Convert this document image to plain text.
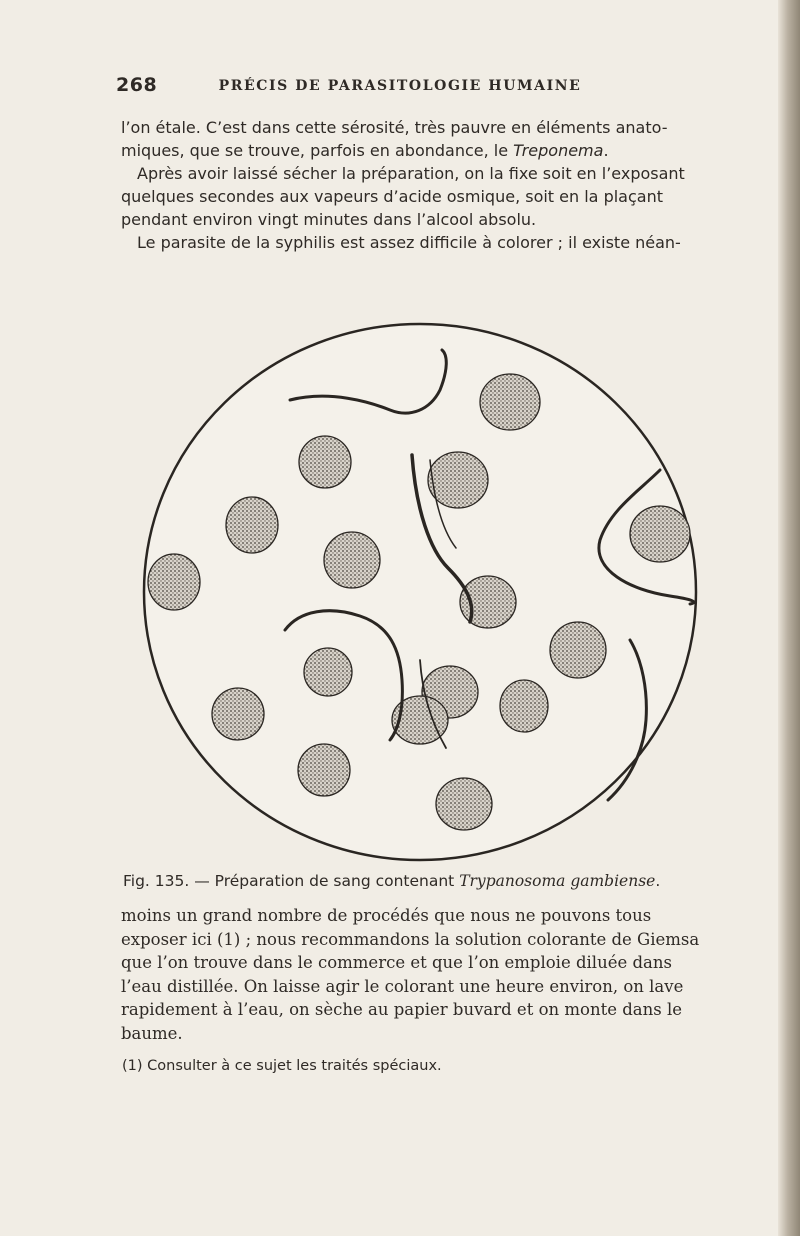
268	PRÉCIS DE PARASITOLOGIE HUMAINE
l’on étale. C’est dans cette sérosité, très pauvre en éléments anato-
miques, que se trouve, parfois en abondance, le Treponema.
Après avoir laissé sécher la préparation, on la fixe soit en l’exposant
quelques secondes aux vapeurs d’acide osmique, soit en la plaçant
pendant environ vingt minutes dans l’alcool absolu.
Le parasite de la syphilis est assez difficile à colorer ; il existe néan-
Fig. 135. — Préparation de sang contenant Trypanosoma gambiense.
moins un grand nombre de procédés que nous ne pouvons tous
exposer ici (1) ; nous recommandons la solution colorante de Giemsa
que l’on trouve dans le commerce et que l’on emploie diluée dans
l’eau distillée. On laisse agir le colorant une heure environ, on lave
rapidement à l’eau, on sèche au papier buvard et on monte dans le
baume.
(1) Consulter à ce sujet les traités spéciaux.
